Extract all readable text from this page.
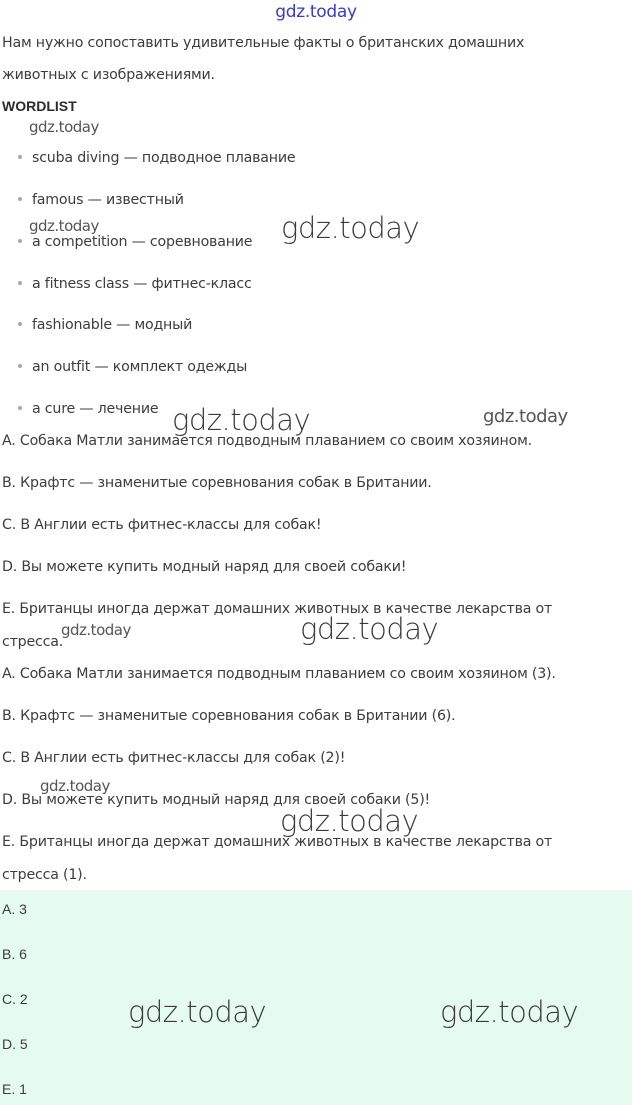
gdz.today

Нам нужно сопоставить удивительные факты о британских домашних

животных с изображениями.

WORDLIST
scuba diving — подводное плавание
famous — известный
a competition — соревнование
a fitness class — фитнес-класс
fashionable — модный
an outfit — комплект одежды
a cure — лечение

A. Собака Матли занимается подводным плаванием со своим хозяином.

B. Крафтс — знаменитые соревнования собак в Британии.

C. В Англии есть фитнес-классы для собак!

D. Вы можете купить модный наряд для своей собаки!

E. Британцы иногда держат домашних животных в качестве лекарства от

стресса.

A. Собака Матли занимается подводным плаванием со своим хозяином (3).

B. Крафтс — знаменитые соревнования собак в Британии (6).

C. В Англии есть фитнес-классы для собак (2)!

D. Вы можете купить модный наряд для своей собаки (5)!

E. Британцы иногда держат домашних животных в качестве лекарства от

стресса (1).

A. 3
B. 6
C. 2
D. 5
E. 1
gdz.today
gdz.today	gdz.today
gdz.today	gdz.today
gdz.today	gdz.today
gdz.today
gdz.today
gdz.today	gdz.today
